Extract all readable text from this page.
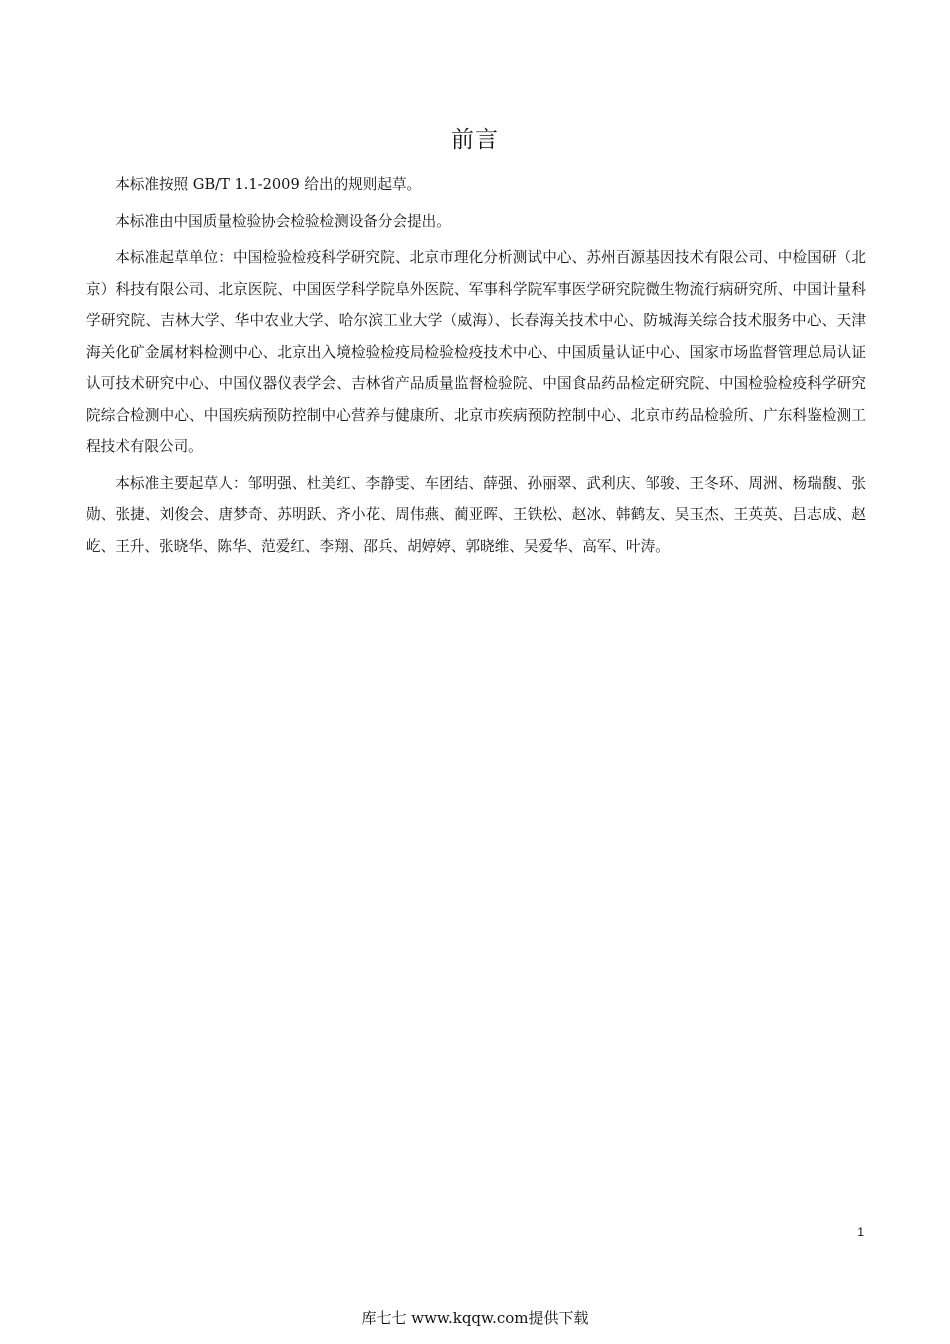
前言

本标准按照 GB/T 1.1-2009 给出的规则起草。

本标准由中国质量检验协会检验检测设备分会提出。

本标准起草单位：中国检验检疫科学研究院、北京市理化分析测试中心、苏州百源基因技术有限公司、中检国研（北京）科技有限公司、北京医院、中国医学科学院阜外医院、军事科学院军事医学研究院微生物流行病研究所、中国计量科学研究院、吉林大学、华中农业大学、哈尔滨工业大学（威海）、长春海关技术中心、防城海关综合技术服务中心、天津海关化矿金属材料检测中心、北京出入境检验检疫局检验检疫技术中心、中国质量认证中心、国家市场监督管理总局认证认可技术研究中心、中国仪器仪表学会、吉林省产品质量监督检验院、中国食品药品检定研究院、中国检验检疫科学研究院综合检测中心、中国疾病预防控制中心营养与健康所、北京市疾病预防控制中心、北京市药品检验所、广东科鉴检测工程技术有限公司。

本标准主要起草人：邹明强、杜美红、李静雯、车团结、薛强、孙丽翠、武利庆、邹骏、王冬环、周洲、杨瑞馥、张勋、张捷、刘俊会、唐梦奇、苏明跃、齐小花、周伟燕、蔺亚晖、王铁松、赵冰、韩鹤友、吴玉杰、王英英、吕志成、赵屹、王升、张晓华、陈华、范爱红、李翔、邵兵、胡婷婷、郭晓维、吴爱华、高军、叶涛。

1
库七七 www.kqqw.com提供下载
